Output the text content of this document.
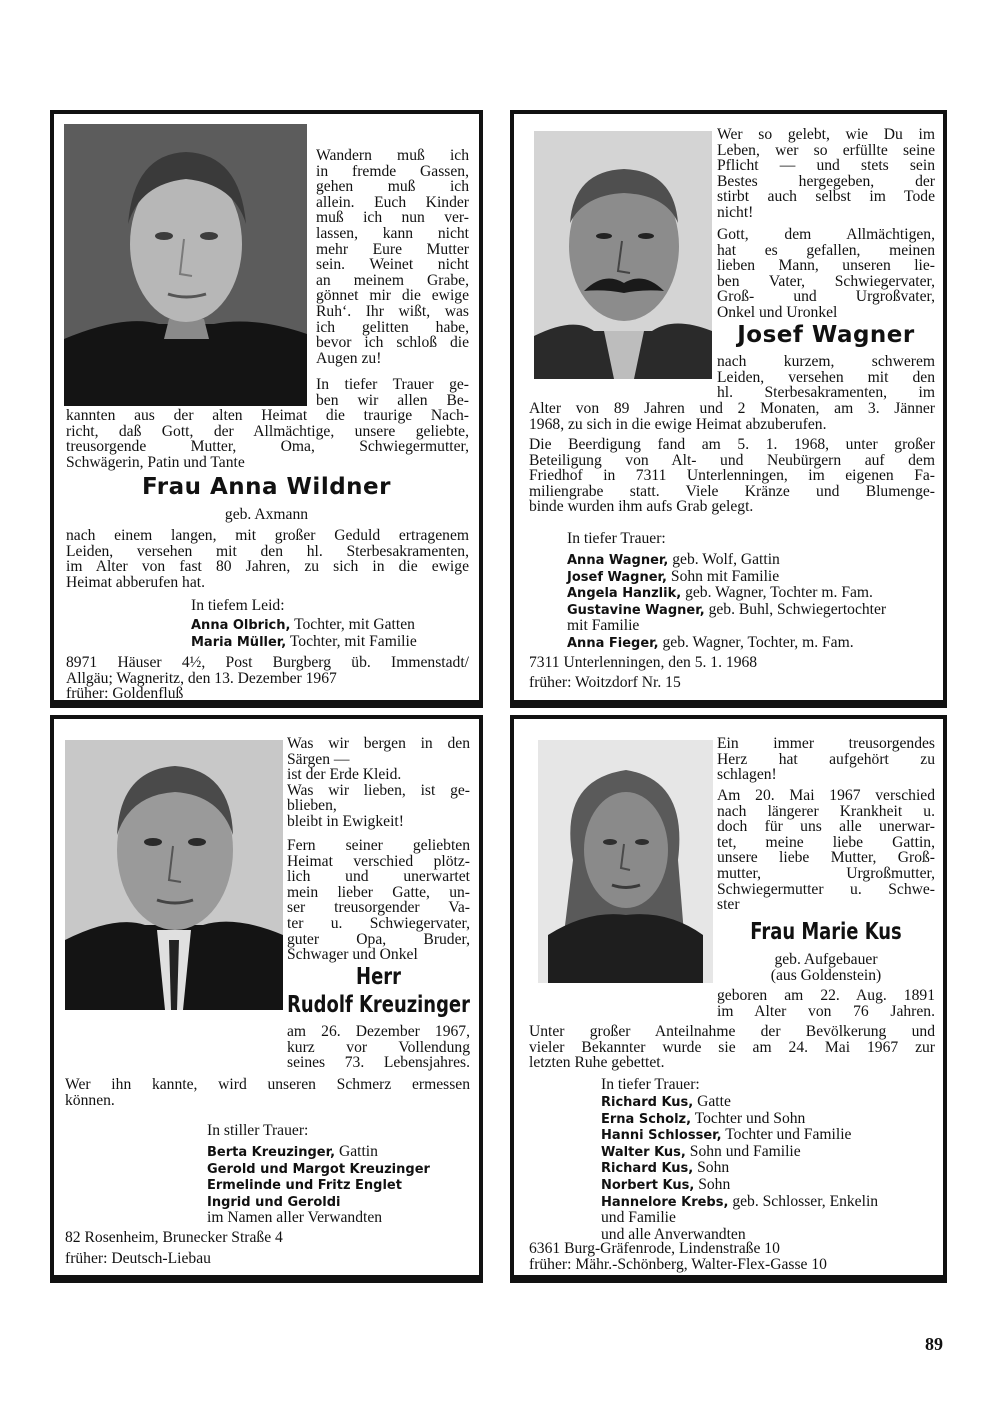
Wandern muß ich

in fremde Gassen,

gehen muß ich

allein. Euch Kinder

muß ich nun ver-

lassen, kann nicht

mehr Eure Mutter

sein. Weinet nicht

an meinem Grabe,

gönnet mir die ewige

Ruh‘. Ihr wißt, was

ich gelitten habe,

bevor ich schloß die

Augen zu!

In tiefer Trauer ge-

ben wir allen Be-

kannten aus der alten Heimat die traurige Nach-

richt, daß Gott, der Allmächtige, unsere geliebte,

treusorgende Mutter, Oma, Schwiegermutter,

Schwägerin, Patin und Tante

Frau Anna Wildner

geb. Axmann

nach einem langen, mit großer Geduld ertragenem

Leiden, versehen mit den hl. Sterbesakramenten,

im Alter von fast 80 Jahren, zu sich in die ewige

Heimat abberufen hat.

In tiefem Leid:

Anna Olbrich, Tochter, mit Gatten

Maria Müller, Tochter, mit Familie

8971 Häuser 4½, Post Burgberg üb. Immenstadt/

Allgäu; Wagneritz, den 13. Dezember 1967

früher: Goldenfluß

Wer so gelebt, wie Du im

Leben, wer so erfüllte seine

Pflicht — und stets sein

Bestes hergegeben, der

stirbt auch selbst im Tode

nicht!

Gott, dem Allmächtigen,

hat es gefallen, meinen

lieben Mann, unseren lie-

ben Vater, Schwiegervater,

Groß- und Urgroßvater,

Onkel und Uronkel

Josef Wagner

nach kurzem, schwerem

Leiden, versehen mit den

hl. Sterbesakramenten, im

Alter von 89 Jahren und 2 Monaten, am 3. Jänner

1968, zu sich in die ewige Heimat abzuberufen.

Die Beerdigung fand am 5. 1. 1968, unter großer

Beteiligung von Alt- und Neubürgern auf dem

Friedhof in 7311 Unterlenningen, im eigenen Fa-

miliengrabe statt. Viele Kränze und Blumenge-

binde wurden ihm aufs Grab gelegt.

In tiefer Trauer:

Anna Wagner, geb. Wolf, Gattin

Josef Wagner, Sohn mit Familie

Angela Hanzlik, geb. Wagner, Tochter m. Fam.

Gustavine Wagner, geb. Buhl, Schwiegertochter

mit Familie

Anna Fieger, geb. Wagner, Tochter, m. Fam.

7311 Unterlenningen, den 5. 1. 1968

früher: Woitzdorf Nr. 15

Was wir bergen in den

Särgen —

ist der Erde Kleid.

Was wir lieben, ist ge-

blieben,

bleibt in Ewigkeit!

Fern seiner geliebten

Heimat verschied plötz-

lich und unerwartet

mein lieber Gatte, un-

ser treusorgender Va-

ter u. Schwiegervater,

guter Opa, Bruder,

Schwager und Onkel

Herr

Rudolf Kreuzinger

am 26. Dezember 1967,

kurz vor Vollendung

seines 73. Lebensjahres.

Wer ihn kannte, wird unseren Schmerz ermessen

können.

In stiller Trauer:

Berta Kreuzinger, Gattin

Gerold und Margot Kreuzinger

Ermelinde und Fritz Englet

Ingrid und Geroldi

im Namen aller Verwandten

82 Rosenheim, Brunecker Straße 4

früher: Deutsch-Liebau

Ein immer treusorgendes

Herz hat aufgehört zu

schlagen!

Am 20. Mai 1967 verschied

nach längerer Krankheit u.

doch für uns alle unerwar-

tet, meine liebe Gattin,

unsere liebe Mutter, Groß-

mutter, Urgroßmutter,

Schwiegermutter u. Schwe-

ster

Frau Marie Kus

geb. Aufgebauer

(aus Goldenstein)

geboren am 22. Aug. 1891

im Alter von 76 Jahren.

Unter großer Anteilnahme der Bevölkerung und

vieler Bekannter wurde sie am 24. Mai 1967 zur

letzten Ruhe gebettet.

In tiefer Trauer:

Richard Kus, Gatte

Erna Scholz, Tochter und Sohn

Hanni Schlosser, Tochter und Familie

Walter Kus, Sohn und Familie

Richard Kus, Sohn

Norbert Kus, Sohn

Hannelore Krebs, geb. Schlosser, Enkelin

und Familie

und alle Anverwandten

6361 Burg-Gräfenrode, Lindenstraße 10

früher: Mähr.-Schönberg, Walter-Flex-Gasse 10

89
